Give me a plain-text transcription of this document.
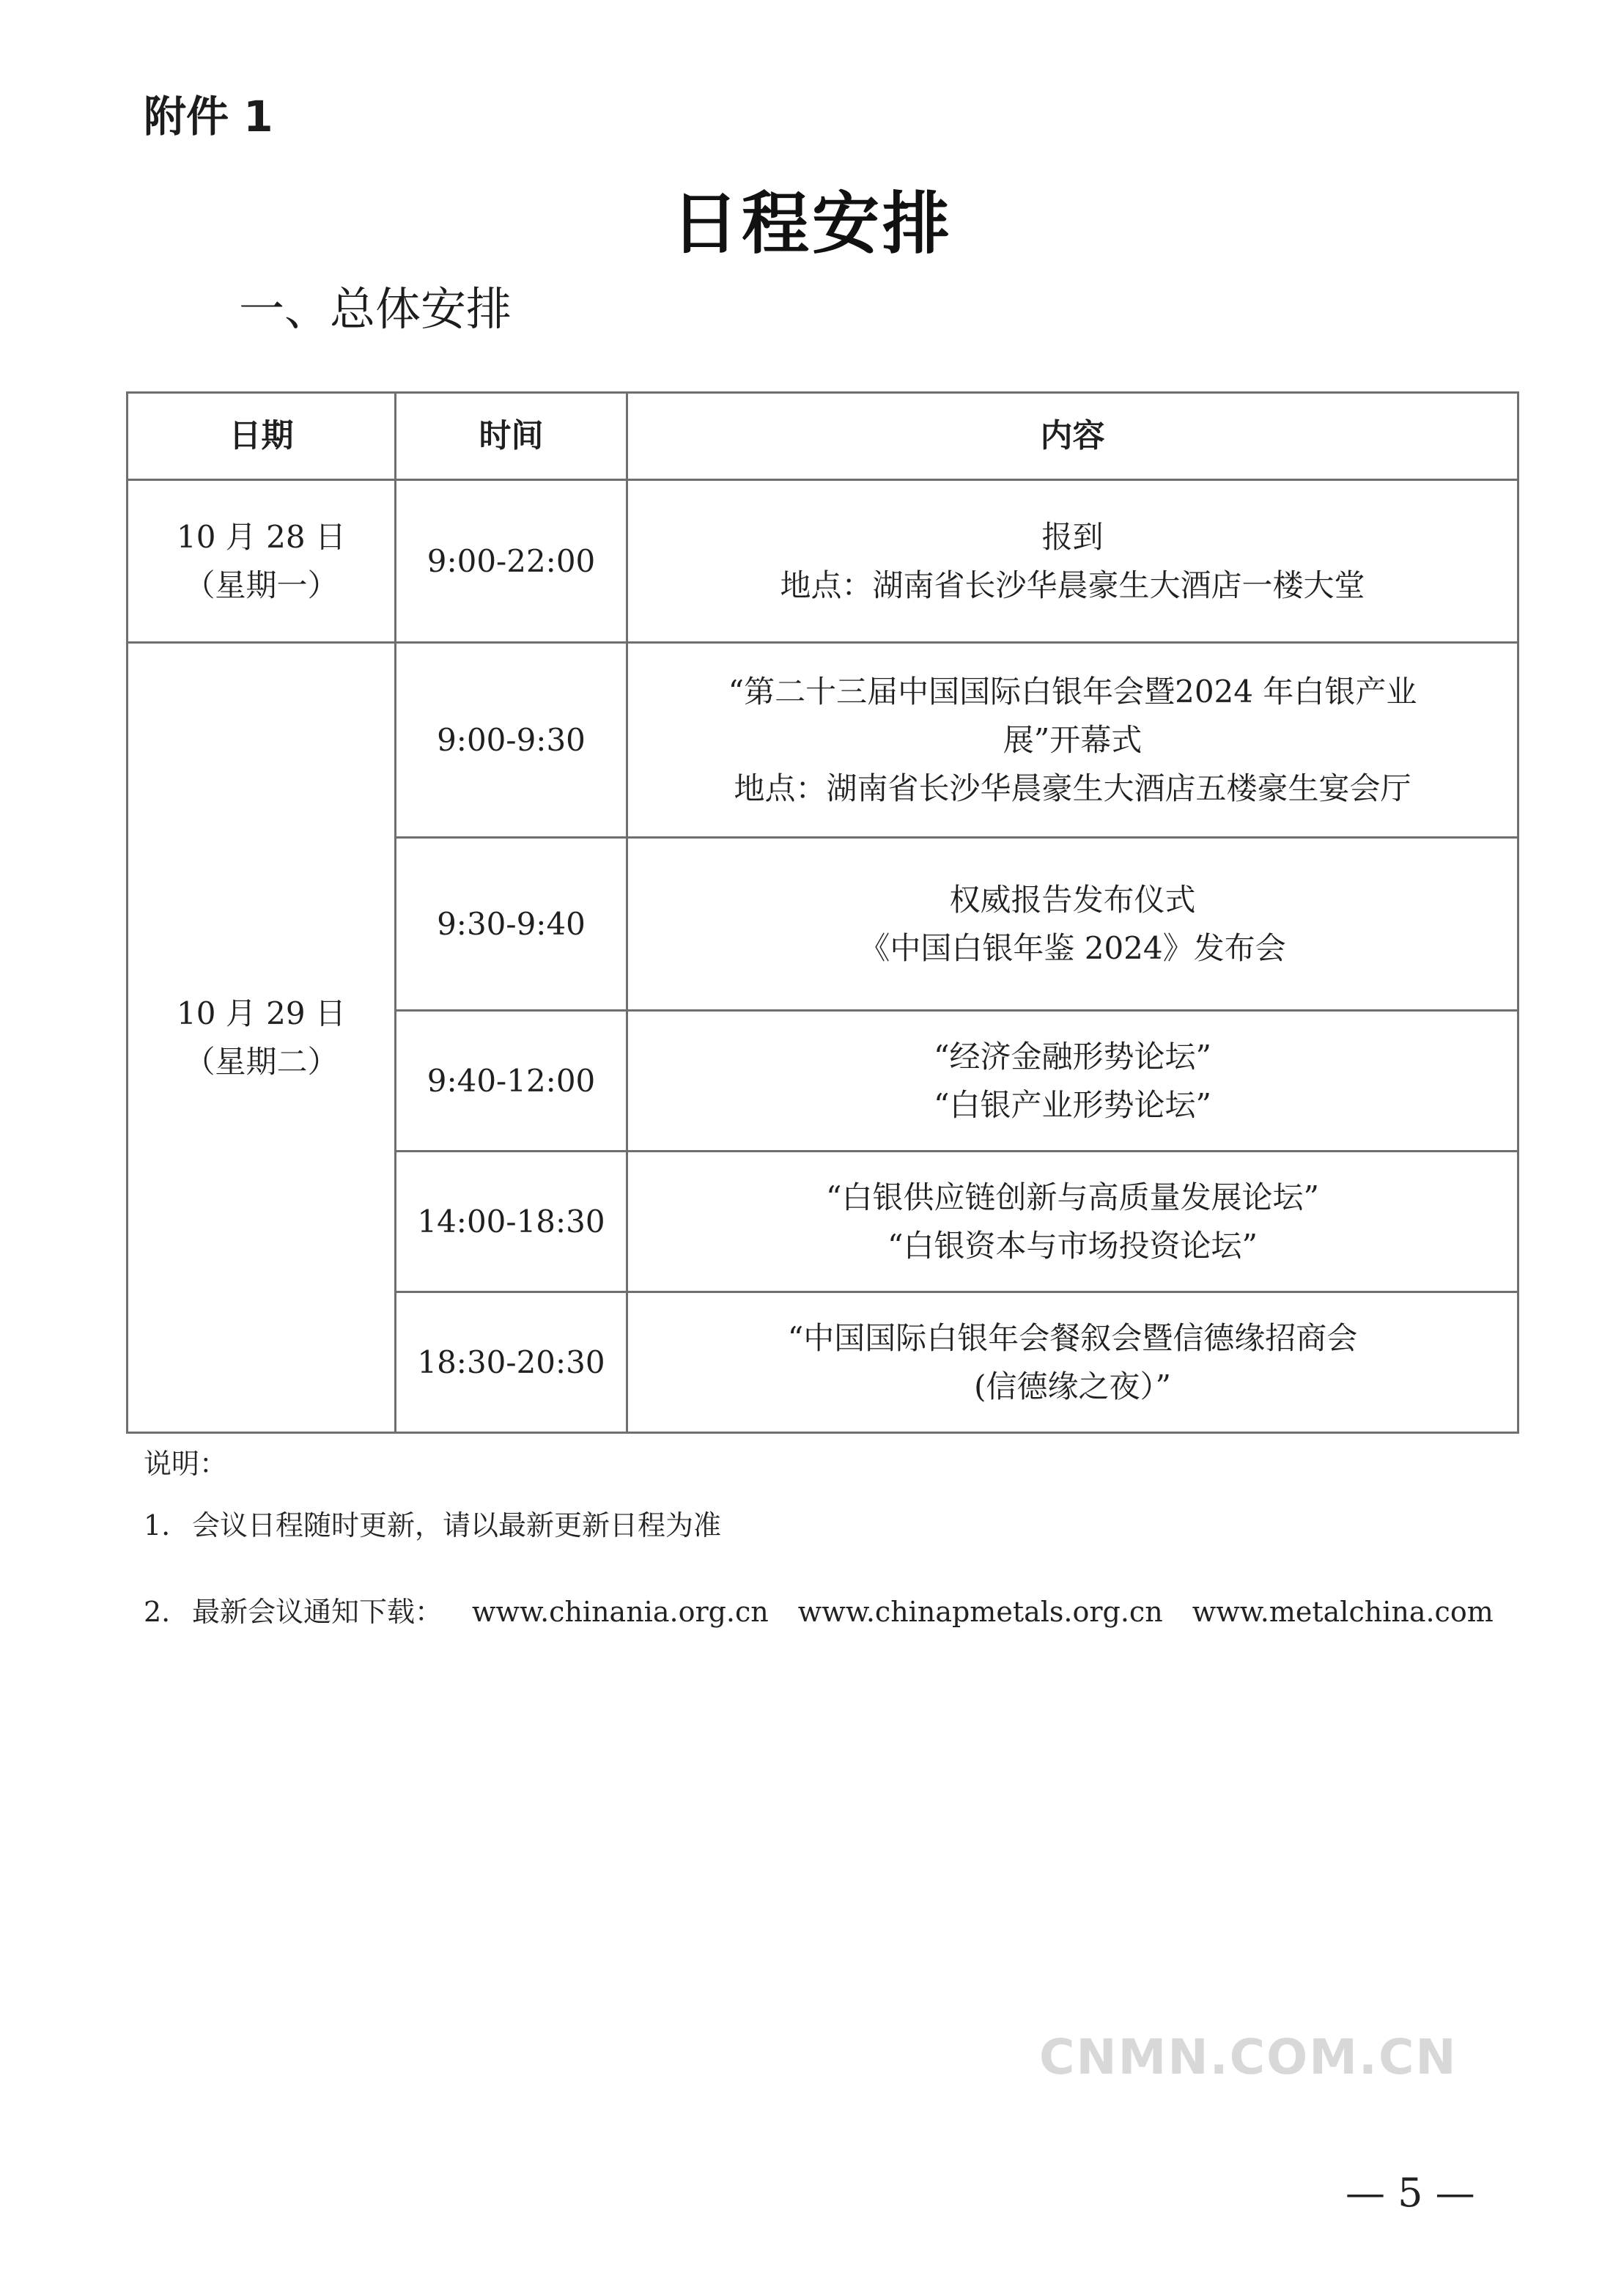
附件 1
日程安排
一、总体安排
日期	时间	内容

10 月 28 日
（星期一）	9:00-22:00	报到
地点：湖南省长沙华晨豪生大酒店一楼大堂

10 月 29 日
（星期二）	9:00-9:30	“第二十三届中国国际白银年会暨2024 年白银产业
展”开幕式
地点：湖南省长沙华晨豪生大酒店五楼豪生宴会厅

	9:30-9:40	权威报告发布仪式
《中国白银年鉴 2024》发布会

	9:40-12:00	“经济金融形势论坛”
“白银产业形势论坛”

	14:00-18:30	“白银供应链创新与高质量发展论坛”
“白银资本与市场投资论坛”

	18:30-20:30	“中国国际白银年会餐叙会暨信德缘招商会
(信德缘之夜）”
说明：
1. 会议日程随时更新，请以最新更新日程为准
2. 最新会议通知下载： www.chinania.org.cn www.chinapmetals.org.cn www.metalchina.com
CNMN.COM.CN
— 5 —
